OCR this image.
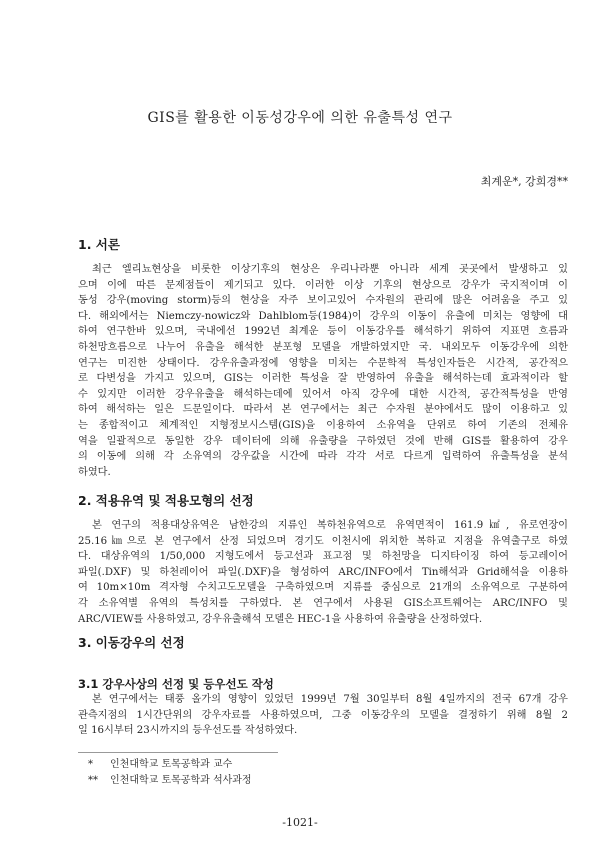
GIS를 활용한 이동성강우에 의한 유출특성 연구
최계운*, 강희경**
1. 서론
최근 엘리뇨현상을 비롯한 이상기후의 현상은 우리나라뿐 아니라 세계 곳곳에서 발생하고 있
으며 이에 따른 문제점들이 제기되고 있다. 이러한 이상 기후의 현상으로 강우가 국지적이며 이
동성 강우(moving storm)등의 현상을 자주 보이고있어 수자원의 관리에 많은 어려움을 주고 있
다. 해외에서는 Niemczy-nowicz와 Dahlblom등(1984)이 강우의 이동이 유출에 미치는 영향에 대
하여 연구한바 있으며, 국내에선 1992년 최계운 등이 이동강우를 해석하기 위하여 지표면 흐름과
하천망흐름으로 나누어 유출을 해석한 분포형 모델을 개발하였지만 국. 내외모두 이동강우에 의한
연구는 미진한 상태이다. 강우유출과정에 영향을 미치는 수문학적 특성인자들은 시간적, 공간적으
로 다변성을 가지고 있으며, GIS는 이러한 특성을 잘 반영하여 유출을 해석하는데 효과적이라 할
수 있지만 이러한 강우유출을 해석하는데에 있어서 아직 강우에 대한 시간적, 공간적특성을 반영
하여 해석하는 일은 드문일이다. 따라서 본 연구에서는 최근 수자원 분야에서도 많이 이용하고 있
는 종합적이고 체계적인 지형정보시스템(GIS)을 이용하여 소유역을 단위로 하여 기존의 전체유
역을 일괄적으로 동일한 강우 데이터에 의해 유출량을 구하였던 것에 반해 GIS를 활용하여 강우
의 이동에 의해 각 소유역의 강우값을 시간에 따라 각각 서로 다르게 입력하여 유출특성을 분석
하였다.
2. 적용유역 및 적용모형의 선정
본 연구의 적용대상유역은 남한강의 지류인 복하천유역으로 유역면적이 161.9㎢, 유로연장이
25.16㎞으로 본 연구에서 산정 되었으며 경기도 이천시에 위치한 복하교 지점을 유역출구로 하였
다. 대상유역의 1/50,000 지형도에서 등고선과 표고점 및 하천망을 디지타이징 하여 등고레이어
파일(.DXF) 및 하천레이어 파일(.DXF)을 형성하여 ARC/INFO에서 Tin해석과 Grid해석을 이용하
여 10m×10m 격자형 수치고도모델을 구축하였으며 지류를 중심으로 21개의 소유역으로 구분하여
각 소유역별 유역의 특성치를 구하였다. 본 연구에서 사용된 GIS소프트웨어는 ARC/INFO 및
ARC/VIEW를 사용하였고, 강우유출해석 모델은 HEC-1을 사용하여 유출량을 산정하였다.
3. 이동강우의 선정
3.1 강우사상의 선정 및 등우선도 작성
본 연구에서는 태풍 올가의 영향이 있었던 1999년 7월 30일부터 8월 4일까지의 전국 67개 강우
관측지점의 1시간단위의 강우자료를 사용하였으며, 그중 이동강우의 모델을 결정하기 위해 8월 2
일 16시부터 23시까지의 등우선도를 작성하였다.
* 인천대학교 토목공학과 교수
** 인천대학교 토목공학과 석사과정
-1021-
